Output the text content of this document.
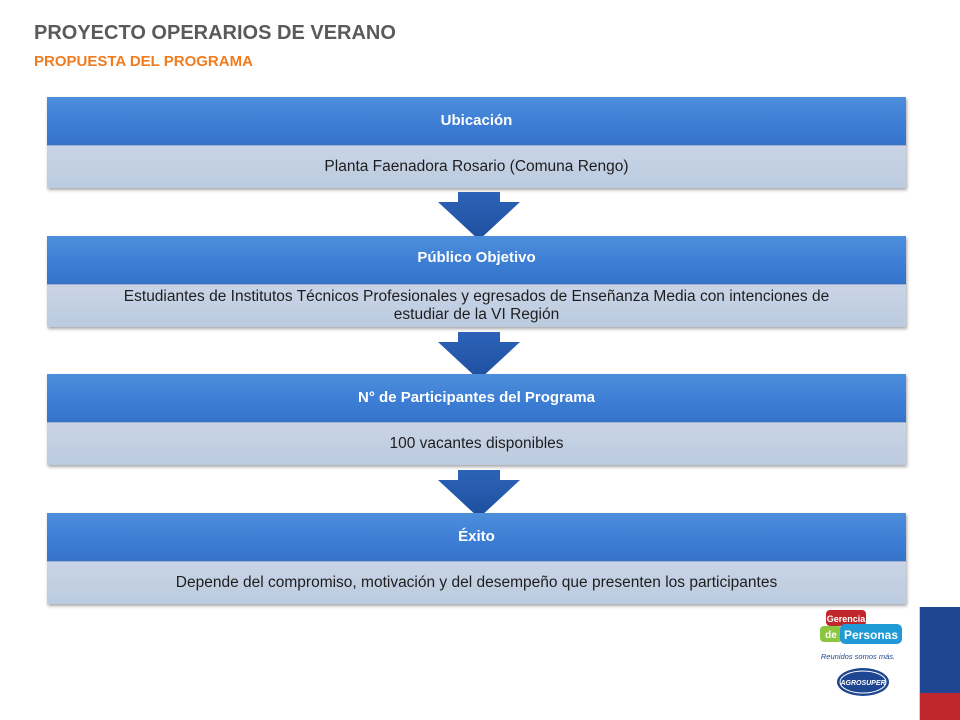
PROYECTO OPERARIOS DE VERANO
PROPUESTA DEL PROGRAMA
Ubicación
Planta Faenadora Rosario (Comuna Rengo)
Público Objetivo
Estudiantes de Institutos Técnicos Profesionales y egresados de Enseñanza Media con intenciones de estudiar de la VI Región
N° de Participantes del Programa
100 vacantes disponibles
Éxito
Depende del compromiso, motivación y del desempeño que presenten los participantes
Gerencia
de Personas
Reunidos somos más.
AGROSUPER
